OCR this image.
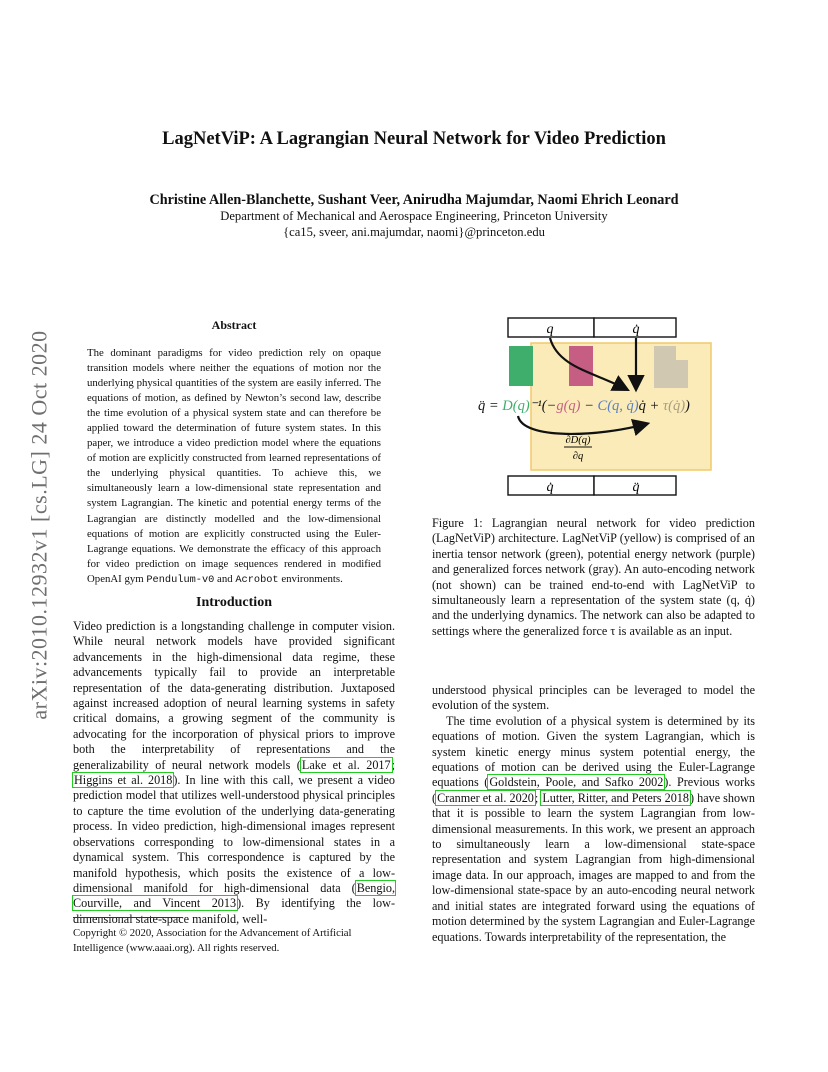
arXiv:2010.12932v1 [cs.LG] 24 Oct 2020
LagNetViP: A Lagrangian Neural Network for Video Prediction
Christine Allen-Blanchette, Sushant Veer, Anirudha Majumdar, Naomi Ehrich Leonard
Department of Mechanical and Aerospace Engineering, Princeton University
{ca15, sveer, ani.majumdar, naomi}@princeton.edu
Abstract
The dominant paradigms for video prediction rely on opaque transition models where neither the equations of motion nor the underlying physical quantities of the system are easily inferred. The equations of motion, as defined by Newton’s second law, describe the time evolution of a physical system state and can therefore be applied toward the determination of future system states. In this paper, we introduce a video prediction model where the equations of motion are explicitly constructed from learned representations of the underlying physical quantities. To achieve this, we simultaneously learn a low-dimensional state representation and system Lagrangian. The kinetic and potential energy terms of the Lagrangian are distinctly modelled and the low-dimensional equations of motion are explicitly constructed using the Euler-Lagrange equations. We demonstrate the efficacy of this approach for video prediction on image sequences rendered in modified OpenAI gym Pendulum-v0 and Acrobot environments.
Introduction
Video prediction is a longstanding challenge in computer vision. While neural network models have provided significant advancements in the high-dimensional data regime, these advancements typically fail to provide an interpretable representation of the data-generating distribution. Juxtaposed against increased adoption of neural learning systems in safety critical domains, a growing segment of the community is advocating for the incorporation of physical priors to improve both the interpretability of representations and the generalizability of neural network models (Lake et al. 2017; Higgins et al. 2018). In line with this call, we present a video prediction model that utilizes well-understood physical principles to capture the time evolution of the underlying data-generating process. In video prediction, high-dimensional images represent observations corresponding to low-dimensional states in a dynamical system. This correspondence is captured by the manifold hypothesis, which posits the existence of a low-dimensional manifold for high-dimensional data (Bengio, Courville, and Vincent 2013). By identifying the low-dimensional state-space manifold, well-
Copyright © 2020, Association for the Advancement of Artificial Intelligence (www.aaai.org). All rights reserved.
q	q̇
q̈ = D(q)⁻¹(−g(q) − C(q, q̇)q̇ + τ(q̇))
∂D(q)
∂q
q̇	q̈
Figure 1: Lagrangian neural network for video prediction (LagNetViP) architecture. LagNetViP (yellow) is comprised of an inertia tensor network (green), potential energy network (purple) and generalized forces network (gray). An auto-encoding network (not shown) can be trained end-to-end with LagNetViP to simultaneously learn a representation of the system state (q, q̇) and the underlying dynamics. The network can also be adapted to settings where the generalized force τ is available as an input.
understood physical principles can be leveraged to model the evolution of the system.
The time evolution of a physical system is determined by its equations of motion. Given the system Lagrangian, which is system kinetic energy minus system potential energy, the equations of motion can be derived using the Euler-Lagrange equations (Goldstein, Poole, and Safko 2002). Previous works (Cranmer et al. 2020; Lutter, Ritter, and Peters 2018) have shown that it is possible to learn the system Lagrangian from low-dimensional measurements. In this work, we present an approach to simultaneously learn a low-dimensional state-space representation and system Lagrangian from high-dimensional image data. In our approach, images are mapped to and from the low-dimensional state-space by an auto-encoding neural network and initial states are integrated forward using the equations of motion determined by the system Lagrangian and Euler-Lagrange equations. Towards interpretability of the representation, the
